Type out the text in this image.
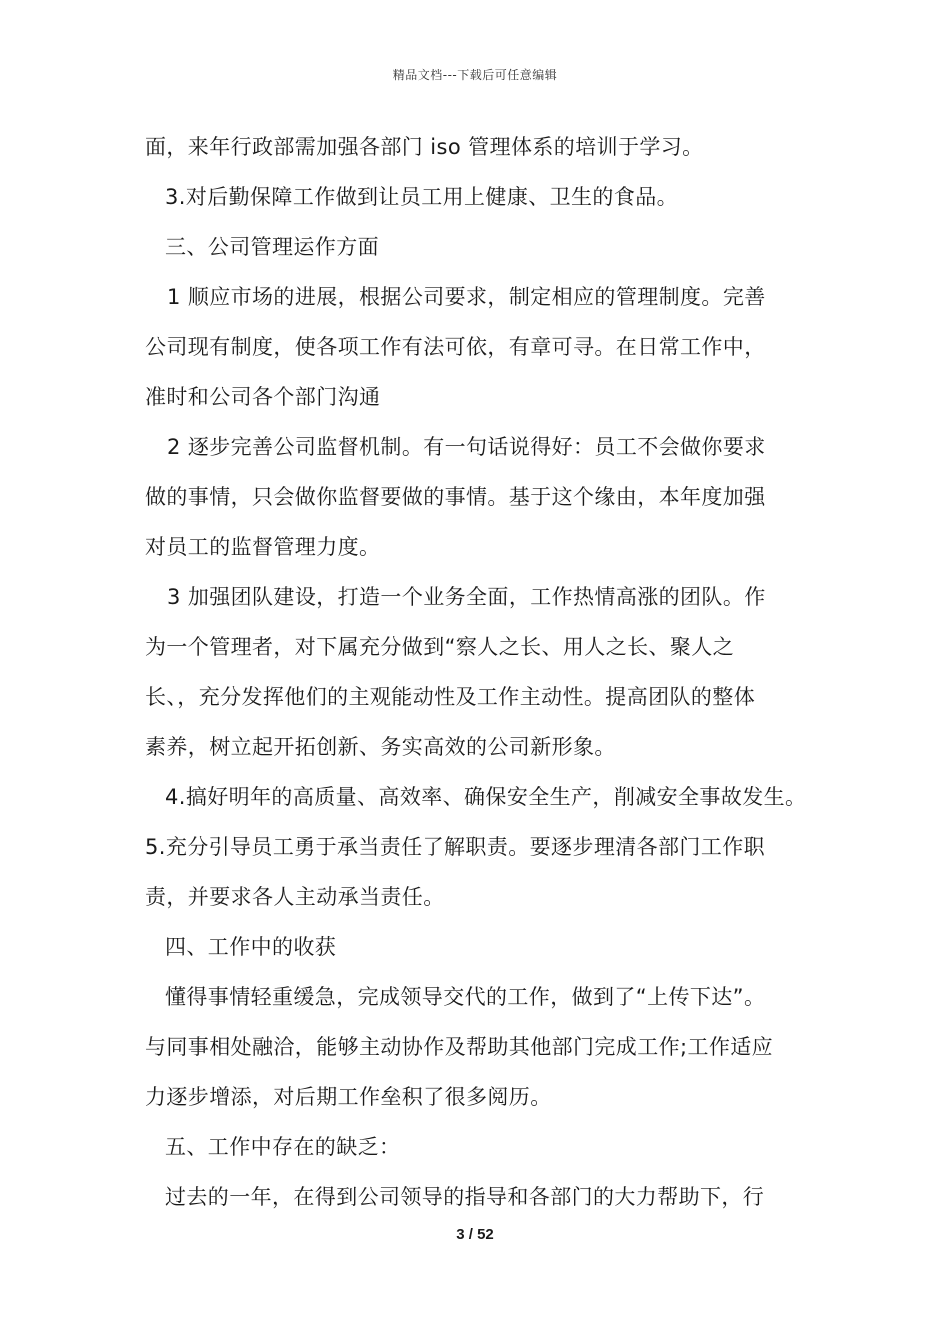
精品文档---下载后可任意编辑
面，来年行政部需加强各部门 iso 管理体系的培训于学习。
3.对后勤保障工作做到让员工用上健康、卫生的食品。
三、公司管理运作方面
1 顺应市场的进展，根据公司要求，制定相应的管理制度。完善
公司现有制度，使各项工作有法可依，有章可寻。在日常工作中，
准时和公司各个部门沟通
2 逐步完善公司监督机制。有一句话说得好：员工不会做你要求
做的事情，只会做你监督要做的事情。基于这个缘由，本年度加强
对员工的监督管理力度。
3 加强团队建设，打造一个业务全面，工作热情高涨的团队。作
为一个管理者，对下属充分做到“察人之长、用人之长、聚人之
长、，充分发挥他们的主观能动性及工作主动性。提高团队的整体
素养，树立起开拓创新、务实高效的公司新形象。
4.搞好明年的高质量、高效率、确保安全生产，削减安全事故发生。
5.充分引导员工勇于承当责任了解职责。要逐步理清各部门工作职
责，并要求各人主动承当责任。
四、工作中的收获
懂得事情轻重缓急，完成领导交代的工作，做到了“上传下达”。
与同事相处融洽，能够主动协作及帮助其他部门完成工作;工作适应
力逐步增添，对后期工作垒积了很多阅历。
五、工作中存在的缺乏：
过去的一年，在得到公司领导的指导和各部门的大力帮助下，行
3 / 52
